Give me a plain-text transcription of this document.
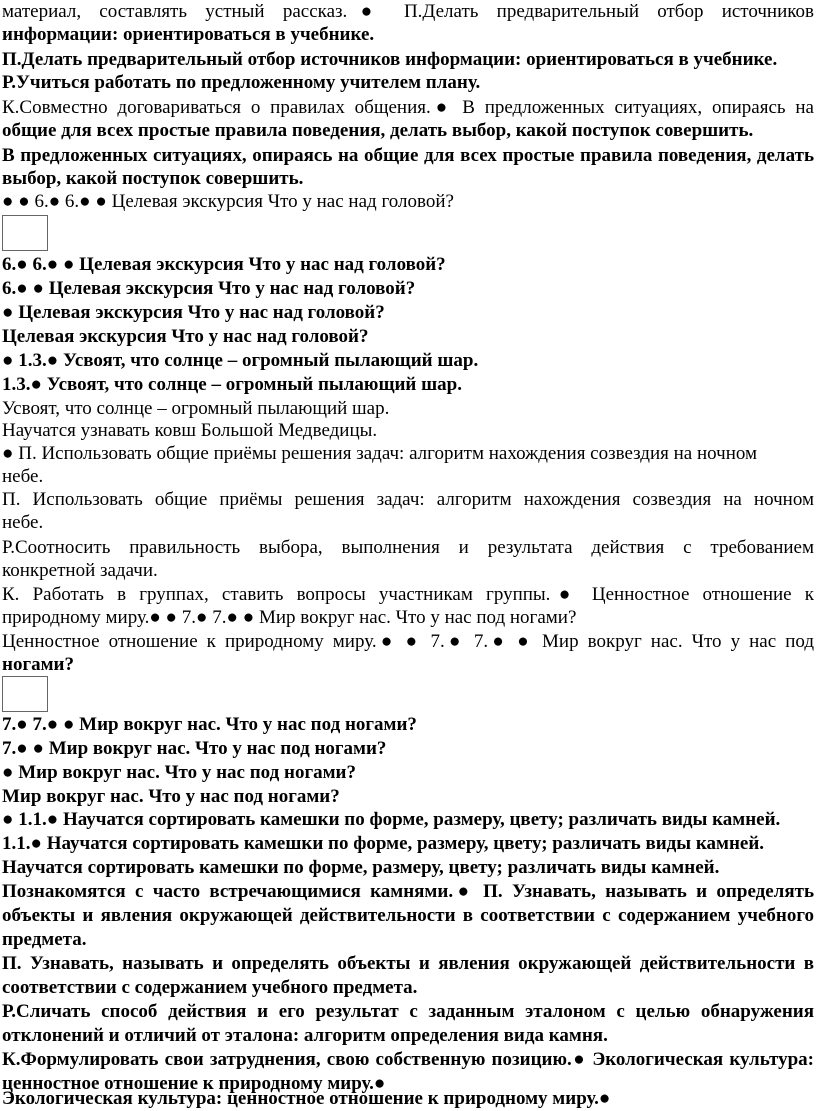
материал, составлять устный рассказ.● П.Делать предварительный отбор источников
информации: ориентироваться в учебнике.
П.Делать предварительный отбор источников информации: ориентироваться в учебнике.
Р.Учиться работать по предложенному учителем плану.
К.Совместно договариваться о правилах общения.● В предложенных ситуациях, опираясь на
общие для всех простые правила поведения, делать выбор, какой поступок совершить.
В предложенных ситуациях, опираясь на общие для всех простые правила поведения, делать
выбор, какой поступок совершить.
● ● 6.● 6.● ● Целевая экскурсия Что у нас над головой?
6.● 6.● ● Целевая экскурсия Что у нас над головой?
6.● ● Целевая экскурсия Что у нас над головой?
● Целевая экскурсия Что у нас над головой?
Целевая экскурсия Что у нас над головой?
● 1.3.● Усвоят, что солнце – огромный пылающий шар.
1.3.● Усвоят, что солнце – огромный пылающий шар.
Усвоят, что солнце – огромный пылающий шар.
Научатся узнавать ковш Большой Медведицы.
● П. Использовать общие приёмы решения задач: алгоритм нахождения созвездия на ночном
небе.
П. Использовать общие приёмы решения задач: алгоритм нахождения созвездия на ночном
небе.
Р.Соотносить правильность выбора, выполнения и результата действия с требованием
конкретной задачи.
К. Работать в группах, ставить вопросы участникам группы.● Ценностное отношение к
природному миру.● ● 7.● 7.● ● Мир вокруг нас. Что у нас под ногами?
Ценностное отношение к природному миру.● ● 7.● 7.● ● Мир вокруг нас. Что у нас под
ногами?
7.● 7.● ● Мир вокруг нас. Что у нас под ногами?
7.● ● Мир вокруг нас. Что у нас под ногами?
● Мир вокруг нас. Что у нас под ногами?
Мир вокруг нас. Что у нас под ногами?
● 1.1.● Научатся сортировать камешки по форме, размеру, цвету; различать виды камней.
1.1.● Научатся сортировать камешки по форме, размеру, цвету; различать виды камней.
Научатся сортировать камешки по форме, размеру, цвету; различать виды камней.
Познакомятся с часто встречающимися камнями.● П. Узнавать, называть и определять
объекты и явления окружающей действительности в соответствии с содержанием учебного
предмета.
П. Узнавать, называть и определять объекты и явления окружающей действительности в
соответствии с содержанием учебного предмета.
Р.Сличать способ действия и его результат с заданным эталоном с целью обнаружения
отклонений и отличий от эталона: алгоритм определения вида камня.
К.Формулировать свои затруднения, свою собственную позицию.● Экологическая культура:
ценностное отношение к природному миру.●
Экологическая культура: ценностное отношение к природному миру.●
